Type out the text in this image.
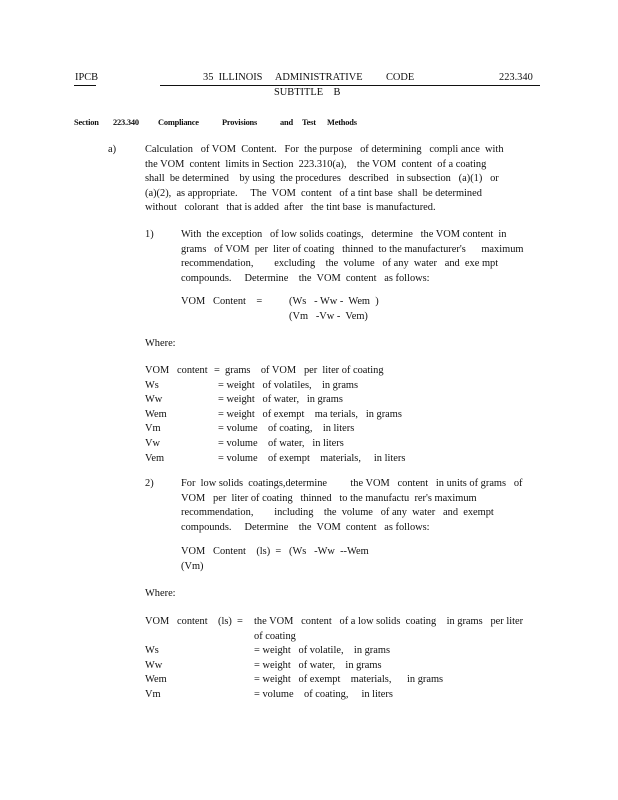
IPCB	35  ILLINOIS     ADMINISTRATIVE         CODE	223.340
SUBTITLE    B
Section 223.340 Compliance	Provisions	and Test Methods
a)	Calculation   of VOM  Content.   For  the purpose   of determining   compli ance  with
the VOM  content  limits in Section  223.310(a),    the VOM  content  of a coating
shall  be determined    by using  the procedures   described   in subsection   (a)(1)   or
(a)(2),  as appropriate.     The  VOM  content   of a tint base  shall  be determined
without   colorant   that is added  after   the tint base  is manufactured.
1)	With  the exception   of low solids coatings,   determine   the VOM content  in
grams   of VOM  per  liter of coating   thinned  to the manufacturer's      maximum
recommendation,        excluding    the  volume   of any  water   and  exe mpt
compounds.     Determine    the  VOM  content   as follows:
VOM   Content    =	(Ws   - Ww -  Wem  )
(Vm   -Vw -  Vem)
Where:
VOM   content =  grams    of VOM   per  liter of coating
Ws	= weight   of volatiles,    in grams
Ww	= weight   of water,   in grams
Wem	= weight   of exempt    ma terials,   in grams
Vm	= volume    of coating,    in liters
Vw	= volume    of water,   in liters
Vem	= volume    of exempt    materials,     in liters
2)	For  low solids  coatings,determine         the VOM   content   in units of grams   of
VOM   per  liter of coating   thinned   to the manufactu  rer's maximum
recommendation,        including    the  volume   of any  water   and  exempt
compounds.     Determine    the  VOM  content   as follows:
VOM   Content    (ls)  = (Ws   -Ww  --Wem
(Vm)
Where:
VOM   content    (ls)  = the VOM   content   of a low solids  coating    in grams   per liter
of coating
Ws	= weight   of volatile,    in grams
Ww	= weight   of water,    in grams
Wem	= weight   of exempt    materials,      in grams
Vm	= volume    of coating,     in liters
